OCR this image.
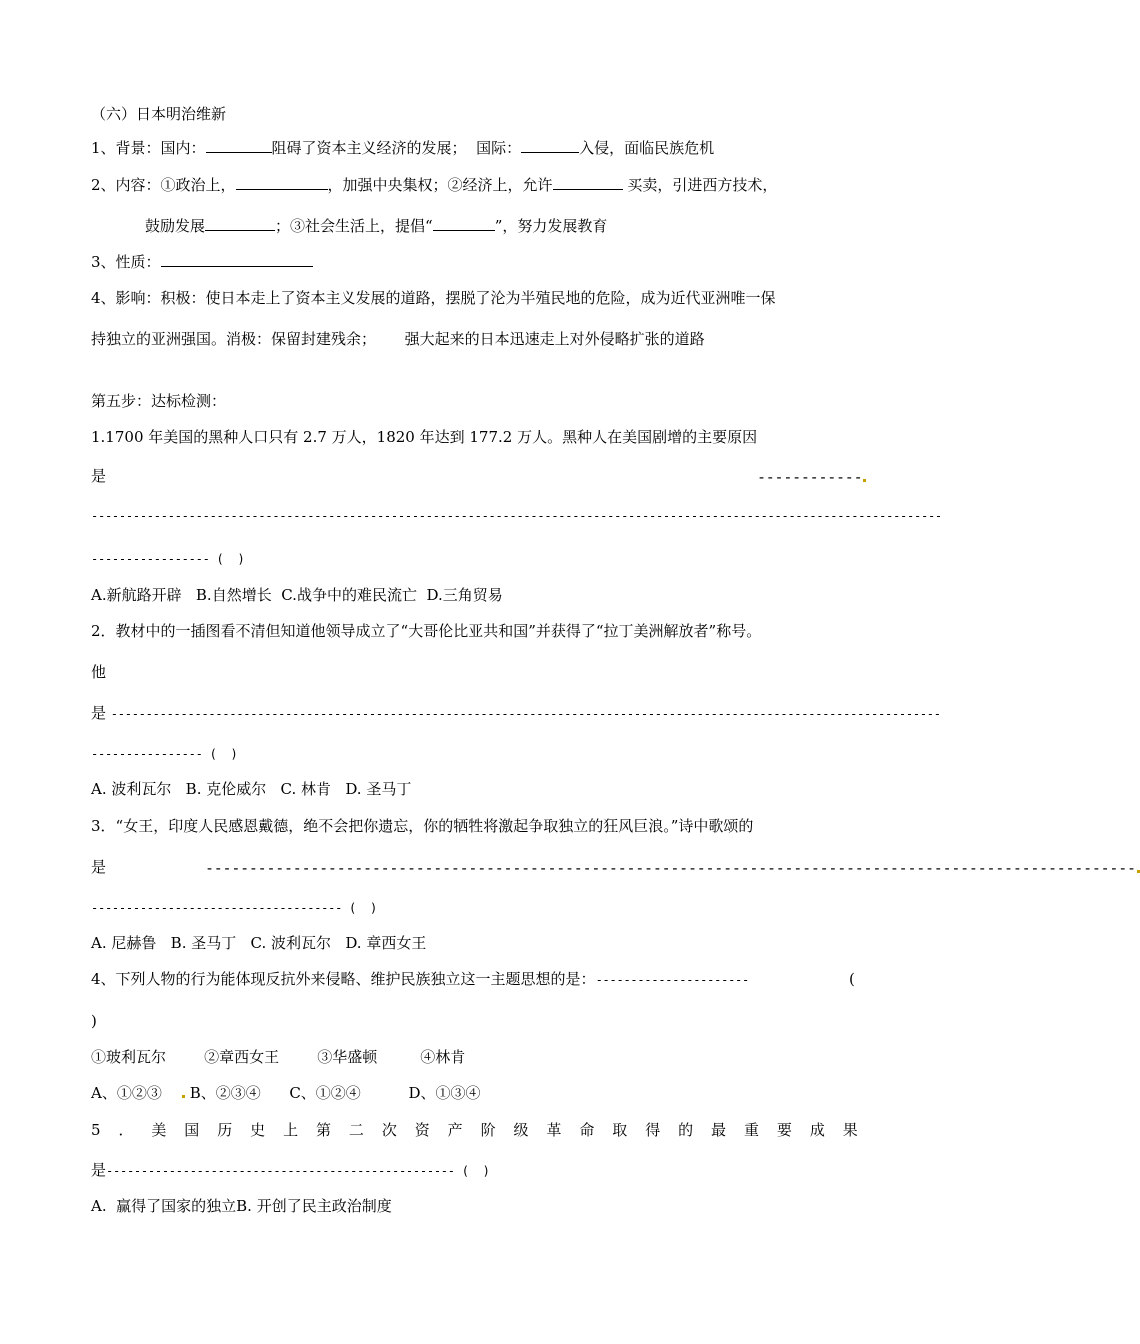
（六）日本明治维新
1、背景：国内：	阻碍了资本主义经济的发展；  国际：	入侵，面临民族危机
2、内容：①政治上，	，加强中央集权；②经济上，允许	买卖，引进西方技术，
鼓励发展	；③社会生活上，提倡“	”，努力发展教育
3、性质：
4、影响：积极：使日本走上了资本主义发展的道路，摆脱了沦为半殖民地的危险，成为近代亚洲唯一保
持独立的亚洲强国。消极：保留封建残余；      强大起来的日本迅速走上对外侵略扩张的道路
第五步：达标检测：
1.1700 年美国的黑种人口只有 2.7 万人，1820 年达到 177.2 万人。黑种人在美国剧增的主要原因
是	------------
--------------------------------------------------------------------------------------------------------------------------
----------------- (  )
A.新航路开辟   B.自然增长  C.战争中的难民流亡  D.三角贸易
2．教材中的一插图看不清但知道他领导成立了“大哥伦比亚共和国”并获得了“拉丁美洲解放者”称号。
他
是 -----------------------------------------------------------------------------------------------------------------------
---------------- (  )
A. 波利瓦尔   B. 克伦威尔   C. 林肯   D. 圣马丁
3．“女王，印度人民感恩戴德，绝不会把你遗忘，你的牺牲将激起争取独立的狂风巨浪。”诗中歌颂的
是	----------------------------------------------------------------------------------------------------------
------------------------------------ (  )
A. 尼赫鲁   B. 圣马丁   C. 波利瓦尔   D. 章西女王
4、下列人物的行为能体现反抗外来侵略、维护民族独立这一主题思想的是：----------------------	(
)
①玻利瓦尔        ②章西女王        ③华盛顿         ④林肯
A、①②③ B、②③④      C、①②④          D、①③④
5 ． 美 国 历 史 上 第 二 次 资 产 阶 级 革 命 取 得 的 最 重 要 成 果
是-------------------------------------------------- (  )
A.  赢得了国家的独立B. 开创了民主政治制度
